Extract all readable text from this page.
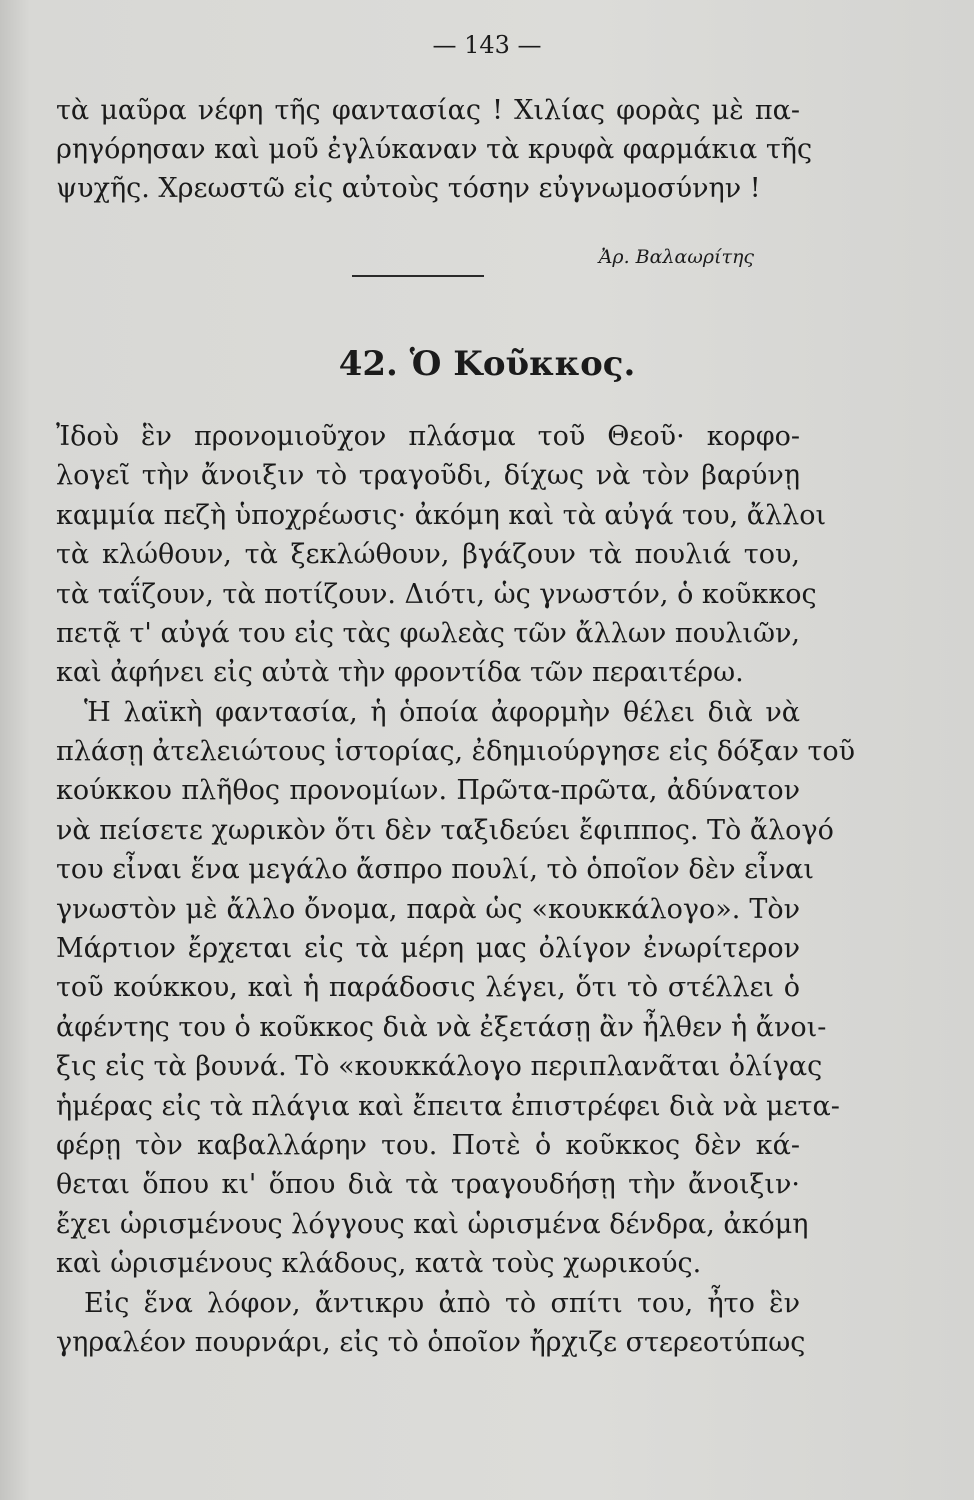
— 143 —
τὰ μαῦρα νέφη τῆς φαντασίας ! Χιλίας φορὰς μὲ πα-
ρηγόρησαν καὶ μοῦ ἐγλύκαναν τὰ κρυφὰ φαρμάκια τῆς
ψυχῆς. Χρεωστῶ εἰς αὐτοὺς τόσην εὐγνωμοσύνην !
Ἀρ. Βαλαωρίτης
42. Ὁ Κοῦκκος.
Ἰδοὺ ἓν προνομιοῦχον πλάσμα τοῦ Θεοῦ· κορφο-
λογεῖ τὴν ἄνοιξιν τὸ τραγοῦδι, δίχως νὰ τὸν βαρύνῃ
καμμία πεζὴ ὑποχρέωσις· ἀκόμη καὶ τὰ αὐγά του, ἄλλοι
τὰ κλώθουν, τὰ ξεκλώθουν, βγάζουν τὰ πουλιά του,
τὰ ταΐζουν, τὰ ποτίζουν. Διότι, ὡς γνωστόν, ὁ κοῦκκος
πετᾷ τ' αὐγά του εἰς τὰς φωλεὰς τῶν ἄλλων πουλιῶν,
καὶ ἀφήνει εἰς αὐτὰ τὴν φροντίδα τῶν περαιτέρω.
Ἡ λαϊκὴ φαντασία, ἡ ὁποία ἀφορμὴν θέλει διὰ νὰ
πλάσῃ ἀτελειώτους ἱστορίας, ἐδημιούργησε εἰς δόξαν τοῦ
κούκκου πλῆθος προνομίων. Πρῶτα-πρῶτα, ἀδύνατον
νὰ πείσετε χωρικὸν ὅτι δὲν ταξιδεύει ἔφιππος. Τὸ ἄλογό
του εἶναι ἕνα μεγάλο ἄσπρο πουλί, τὸ ὁποῖον δὲν εἶναι
γνωστὸν μὲ ἄλλο ὄνομα, παρὰ ὡς «κουκκάλογο». Τὸν
Μάρτιον ἔρχεται εἰς τὰ μέρη μας ὀλίγον ἐνωρίτερον
τοῦ κούκκου, καὶ ἡ παράδοσις λέγει, ὅτι τὸ στέλλει ὁ
ἀφέντης του ὁ κοῦκκος διὰ νὰ ἐξετάσῃ ἂν ἦλθεν ἡ ἄνοι-
ξις εἰς τὰ βουνά. Τὸ «κουκκάλογο περιπλανᾶται ὀλίγας
ἡμέρας εἰς τὰ πλάγια καὶ ἔπειτα ἐπιστρέφει διὰ νὰ μετα-
φέρῃ τὸν καβαλλάρην του. Ποτὲ ὁ κοῦκκος δὲν κά-
θεται ὅπου κι' ὅπου διὰ τὰ τραγουδήσῃ τὴν ἄνοιξιν·
ἔχει ὡρισμένους λόγγους καὶ ὡρισμένα δένδρα, ἀκόμη
καὶ ὡρισμένους κλάδους, κατὰ τοὺς χωρικούς.
Εἰς ἕνα λόφον, ἄντικρυ ἀπὸ τὸ σπίτι του, ἦτο ἓν
γηραλέον πουρνάρι, εἰς τὸ ὁποῖον ἤρχιζε στερεοτύπως
